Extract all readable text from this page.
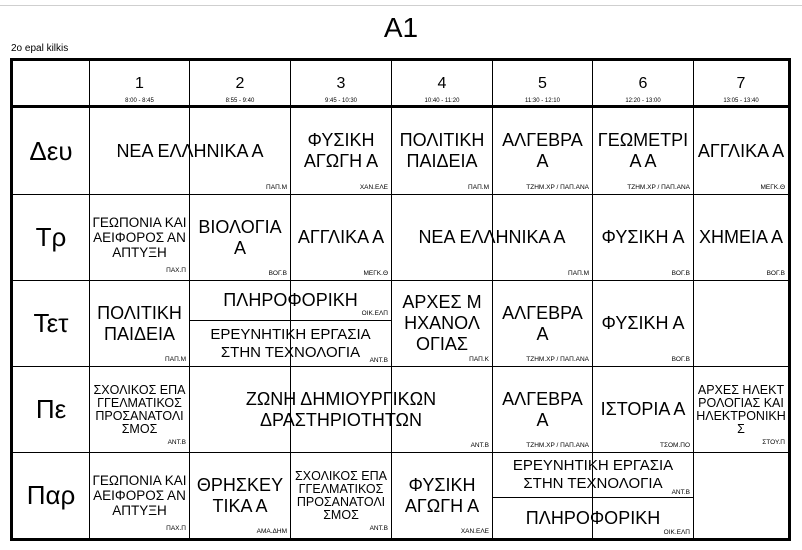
A1
2o epal kilkis
1
8:00 - 8:45
2
8:55 - 9:40
3
9:45 - 10:30
4
10:40 - 11:20
5
11:30 - 12:10
6
12:20 - 13:00
7
13:05 - 13:40
Δευ
Τρ
Τετ
Πε
Παρ
ΝΕΑ ΕΛΛΗΝΙΚΑ Α
ΠΑΠ.Μ
ΦΥΣΙΚΗ ΑΓΩΓΗ Α
ΧΑΝ.ΕΛΕ
ΠΟΛΙΤΙΚΗ ΠΑΙΔΕΙΑ
ΠΑΠ.Μ
ΑΛΓΕΒΡΑ Α
ΤΖΗΜ.ΧΡ / ΠΑΠ.ΑΝΑ
ΓΕΩΜΕΤΡΙΑ Α
ΤΖΗΜ.ΧΡ / ΠΑΠ.ΑΝΑ
ΑΓΓΛΙΚΑ Α
ΜΕΓΚ.Θ
ΓΕΩΠΟΝΙΑ ΚΑΙ ΑΕΙΦΟΡΟΣ ΑΝΑΠΤΥΞΗ
ΠΑΧ.Π
ΒΙΟΛΟΓΙΑ Α
ΒΟΓ.Β
ΑΓΓΛΙΚΑ Α
ΜΕΓΚ.Θ
ΝΕΑ ΕΛΛΗΝΙΚΑ Α
ΠΑΠ.Μ
ΦΥΣΙΚΗ Α
ΒΟΓ.Β
ΧΗΜΕΙΑ Α
ΒΟΓ.Β
ΠΟΛΙΤΙΚΗ ΠΑΙΔΕΙΑ
ΠΑΠ.Μ
ΠΛΗΡΟΦΟΡΙΚΗ
ΟΙΚ.ΕΛΠ
ΕΡΕΥΝΗΤΙΚΗ ΕΡΓΑΣΙΑ ΣΤΗΝ ΤΕΧΝΟΛΟΓΙΑ	ΑΝΤ.Β
ΑΡΧΕΣ ΜΗΧΑΝΟΛΟΓΙΑΣ
ΠΑΠ.Κ
ΑΛΓΕΒΡΑ Α
ΤΖΗΜ.ΧΡ / ΠΑΠ.ΑΝΑ
ΦΥΣΙΚΗ Α
ΒΟΓ.Β
ΣΧΟΛΙΚΟΣ ΕΠΑΓΓΕΛΜΑΤΙΚΟΣ ΠΡΟΣΑΝΑΤΟΛΙΣΜΟΣ
ΑΝΤ.Β
ΖΩΝΗ ΔΗΜΙΟΥΡΓΙΚΩΝ ΔΡΑΣΤΗΡΙΟΤΗΤΩΝ
ΑΝΤ.Β
ΑΛΓΕΒΡΑ Α
ΤΖΗΜ.ΧΡ / ΠΑΠ.ΑΝΑ
ΙΣΤΟΡΙΑ Α
ΤΣΟΜ.ΠΟ
ΑΡΧΕΣ ΗΛΕΚΤΡΟΛΟΓΙΑΣ ΚΑΙ ΗΛΕΚΤΡΟΝΙΚΗΣ
ΣΤΟΥ.Π
ΓΕΩΠΟΝΙΑ ΚΑΙ ΑΕΙΦΟΡΟΣ ΑΝΑΠΤΥΞΗ
ΠΑΧ.Π
ΘΡΗΣΚΕΥΤΙΚΑ Α
ΑΜΑ.ΔΗΜ
ΣΧΟΛΙΚΟΣ ΕΠΑΓΓΕΛΜΑΤΙΚΟΣ ΠΡΟΣΑΝΑΤΟΛΙΣΜΟΣ
ΑΝΤ.Β
ΦΥΣΙΚΗ ΑΓΩΓΗ Α
ΧΑΝ.ΕΛΕ
ΕΡΕΥΝΗΤΙΚΗ ΕΡΓΑΣΙΑ ΣΤΗΝ ΤΕΧΝΟΛΟΓΙΑ
ΑΝΤ.Β
ΠΛΗΡΟΦΟΡΙΚΗ
ΟΙΚ.ΕΛΠ
